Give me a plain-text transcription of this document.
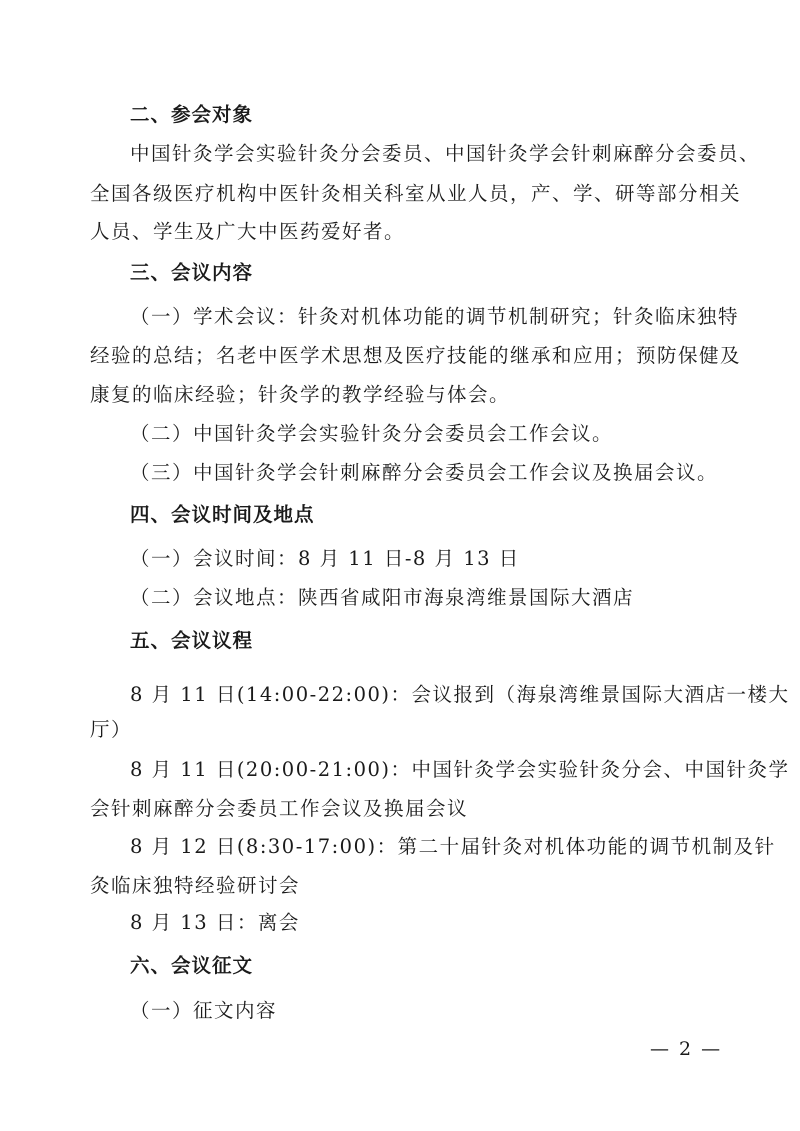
二、参会对象
中国针灸学会实验针灸分会委员、中国针灸学会针刺麻醉分会委员、
全国各级医疗机构中医针灸相关科室从业人员，产、学、研等部分相关
人员、学生及广大中医药爱好者。
三、会议内容
（一）学术会议：针灸对机体功能的调节机制研究；针灸临床独特
经验的总结；名老中医学术思想及医疗技能的继承和应用；预防保健及
康复的临床经验；针灸学的教学经验与体会。
（二）中国针灸学会实验针灸分会委员会工作会议。
（三）中国针灸学会针刺麻醉分会委员会工作会议及换届会议。
四、会议时间及地点
（一）会议时间：8 月 11 日-8 月 13 日
（二）会议地点：陕西省咸阳市海泉湾维景国际大酒店
五、会议议程
8 月 11 日(14:00-22:00)：会议报到（海泉湾维景国际大酒店一楼大
厅）
8 月 11 日(20:00-21:00)：中国针灸学会实验针灸分会、中国针灸学
会针刺麻醉分会委员工作会议及换届会议
8 月 12 日(8:30-17:00)：第二十届针灸对机体功能的调节机制及针
灸临床独特经验研讨会
8 月 13 日：离会
六、会议征文
（一）征文内容
— 2 —
